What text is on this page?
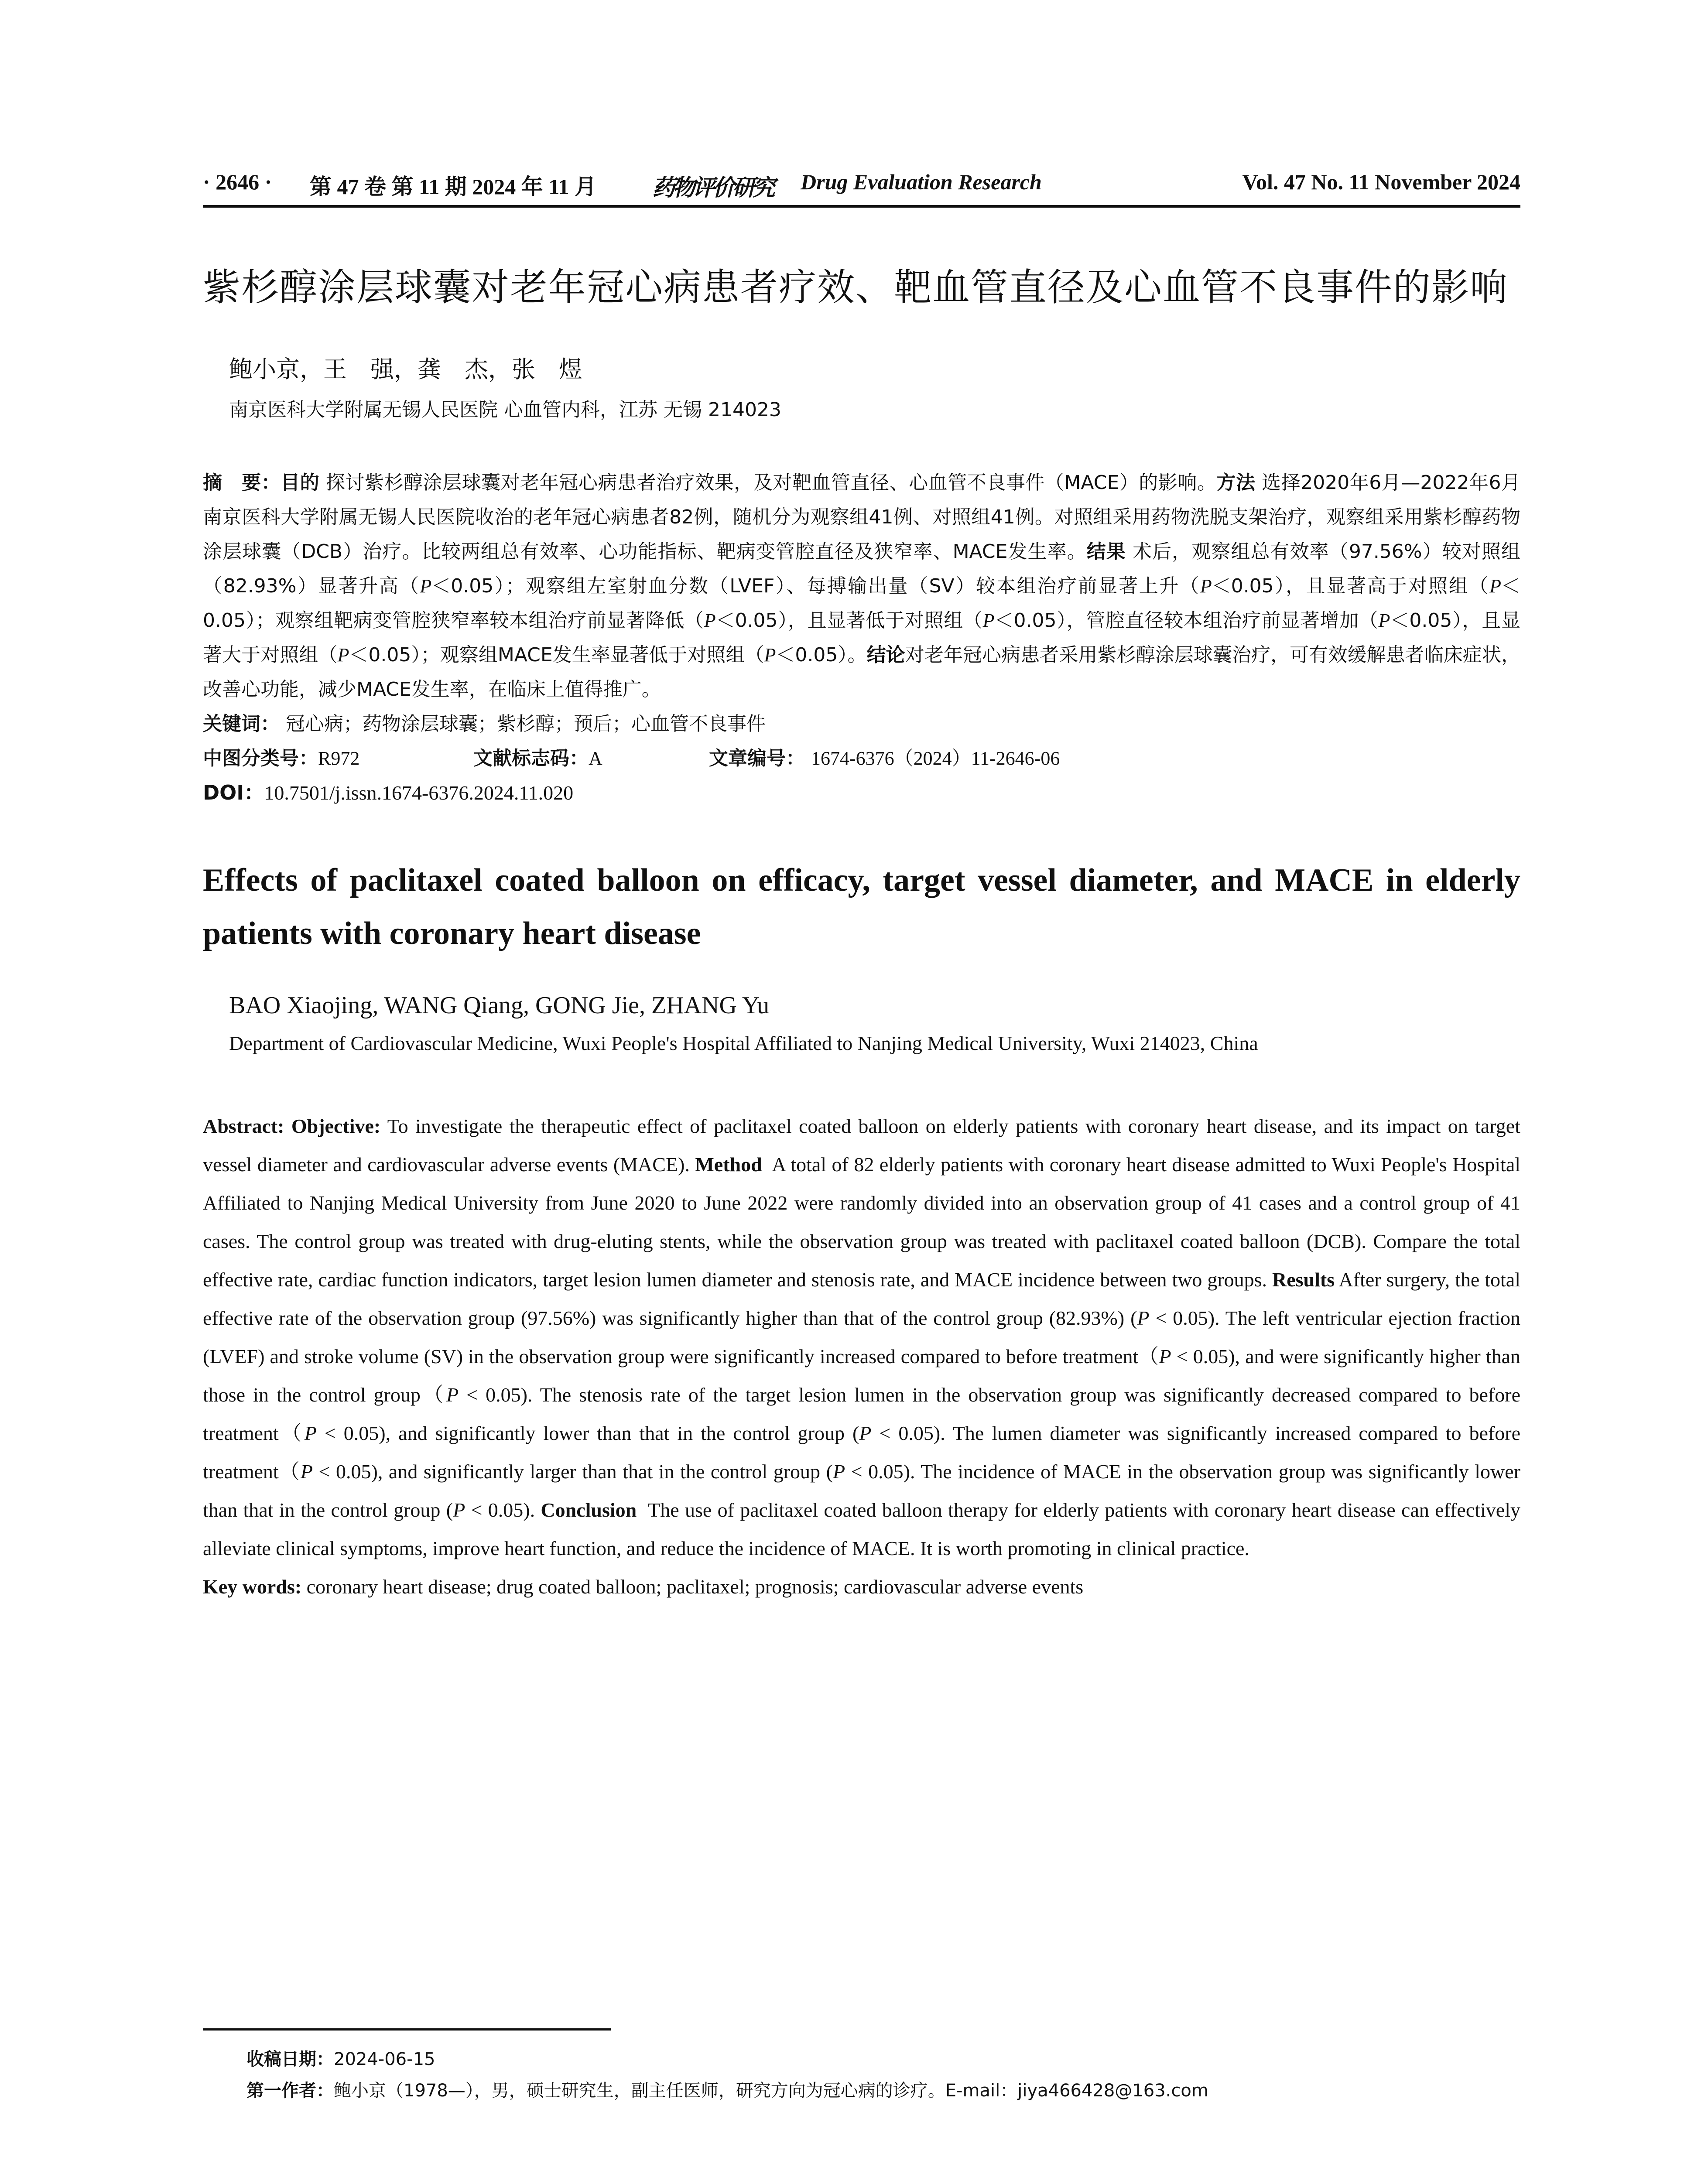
· 2646 · 第 47 卷 第 11 期 2024 年 11 月 药物评价研究 Drug Evaluation Research	Vol. 47 No. 11 November 2024
紫杉醇涂层球囊对老年冠心病患者疗效、靶血管直径及心血管不良事件的影响
鲍小京，王　强，龚　杰，张　煜
南京医科大学附属无锡人民医院 心血管内科，江苏 无锡 214023
摘　要：目的 探讨紫杉醇涂层球囊对老年冠心病患者治疗效果，及对靶血管直径、心血管不良事件（MACE）的影响。方法 选择2020年6月—2022年6月南京医科大学附属无锡人民医院收治的老年冠心病患者82例，随机分为观察组41例、对照组41例。对照组采用药物洗脱支架治疗，观察组采用紫杉醇药物涂层球囊（DCB）治疗。比较两组总有效率、心功能指标、靶病变管腔直径及狭窄率、MACE发生率。结果 术后，观察组总有效率（97.56%）较对照组（82.93%）显著升高（P＜0.05）；观察组左室射血分数（LVEF）、每搏输出量（SV）较本组治疗前显著上升（P＜0.05），且显著高于对照组（P＜0.05）；观察组靶病变管腔狭窄率较本组治疗前显著降低（P＜0.05），且显著低于对照组（P＜0.05），管腔直径较本组治疗前显著增加（P＜0.05），且显著大于对照组（P＜0.05）；观察组MACE发生率显著低于对照组（P＜0.05）。结论对老年冠心病患者采用紫杉醇涂层球囊治疗，可有效缓解患者临床症状，改善心功能，减少MACE发生率，在临床上值得推广。
关键词： 冠心病；药物涂层球囊；紫杉醇；预后；心血管不良事件
中图分类号：R972	文献标志码：A	文章编号： 1674-6376（2024）11-2646-06
DOI：10.7501/j.issn.1674-6376.2024.11.020
Effects of paclitaxel coated balloon on efficacy, target vessel diameter, and MACE in elderly patients with coronary heart disease
BAO Xiaojing, WANG Qiang, GONG Jie, ZHANG Yu
Department of Cardiovascular Medicine, Wuxi People's Hospital Affiliated to Nanjing Medical University, Wuxi 214023, China
Abstract: Objective: To investigate the therapeutic effect of paclitaxel coated balloon on elderly patients with coronary heart disease, and its impact on target vessel diameter and cardiovascular adverse events (MACE). Method A total of 82 elderly patients with coronary heart disease admitted to Wuxi People's Hospital Affiliated to Nanjing Medical University from June 2020 to June 2022 were randomly divided into an observation group of 41 cases and a control group of 41 cases. The control group was treated with drug-eluting stents, while the observation group was treated with paclitaxel coated balloon (DCB). Compare the total effective rate, cardiac function indicators, target lesion lumen diameter and stenosis rate, and MACE incidence between two groups. Results After surgery, the total effective rate of the observation group (97.56%) was significantly higher than that of the control group (82.93%) (P < 0.05). The left ventricular ejection fraction (LVEF) and stroke volume (SV) in the observation group were significantly increased compared to before treatment（P < 0.05), and were significantly higher than those in the control group（P < 0.05). The stenosis rate of the target lesion lumen in the observation group was significantly decreased compared to before treatment（P < 0.05), and significantly lower than that in the control group (P < 0.05). The lumen diameter was significantly increased compared to before treatment（P < 0.05), and significantly larger than that in the control group (P < 0.05). The incidence of MACE in the observation group was significantly lower than that in the control group (P < 0.05). Conclusion The use of paclitaxel coated balloon therapy for elderly patients with coronary heart disease can effectively alleviate clinical symptoms, improve heart function, and reduce the incidence of MACE. It is worth promoting in clinical practice.
Key words: coronary heart disease; drug coated balloon; paclitaxel; prognosis; cardiovascular adverse events
收稿日期：2024-06-15
第一作者：鲍小京（1978—），男，硕士研究生，副主任医师，研究方向为冠心病的诊疗。E-mail：jiya466428@163.com
